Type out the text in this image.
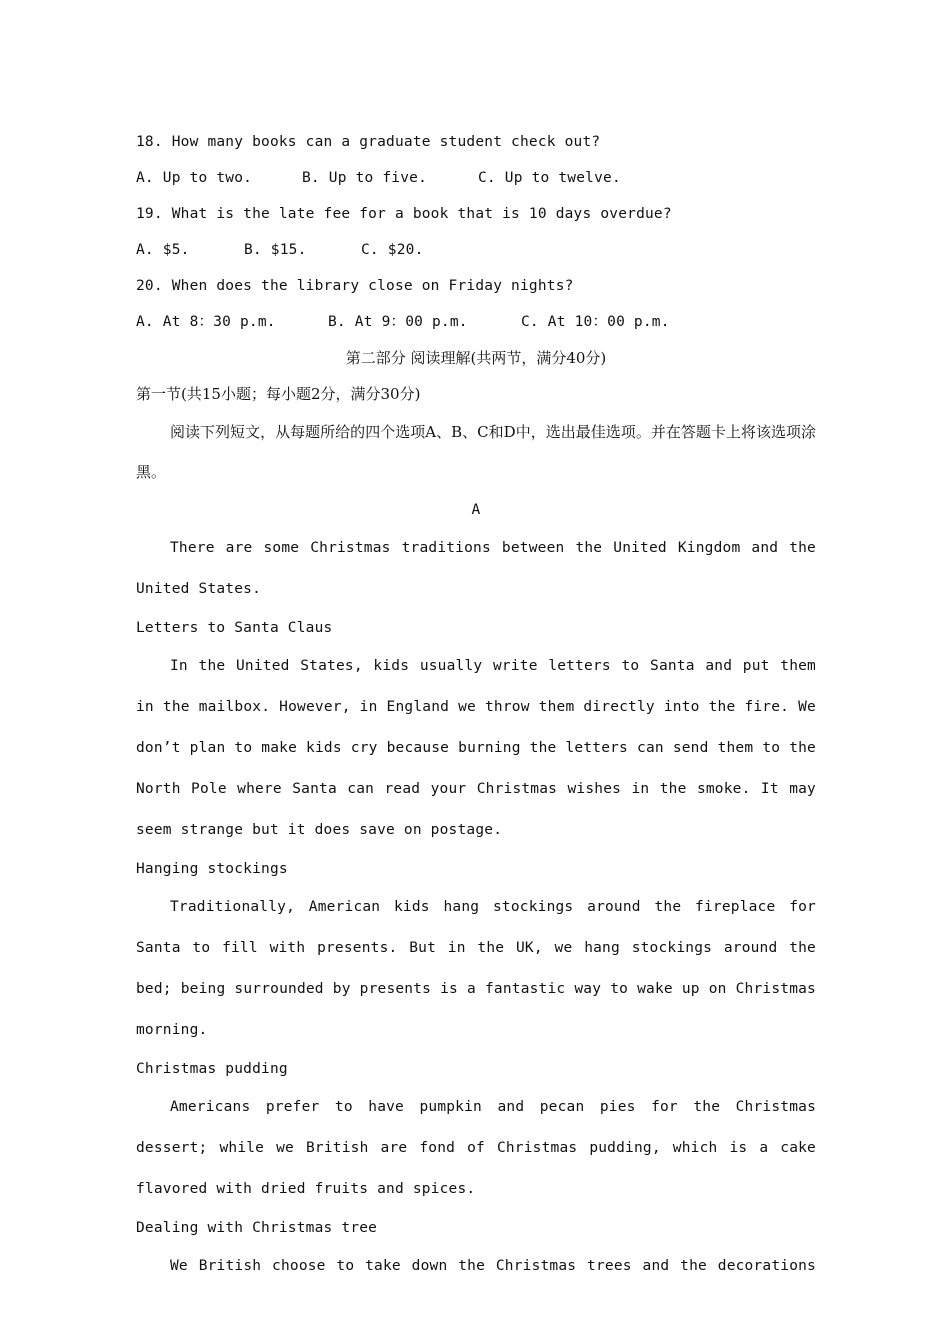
18. How many books can a graduate student check out?
A. Up to two.	B. Up to five.	C. Up to twelve.
19. What is the late fee for a book that is 10 days overdue?
A. $5.	B. $15.	C. $20.
20. When does the library close on Friday nights?
A. At 8：30 p.m.	B. At 9：00 p.m.	C. At 10：00 p.m.
第二部分 阅读理解(共两节，满分40分)
第一节(共15小题；每小题2分，满分30分)
阅读下列短文，从每题所给的四个选项A、B、C和D中，选出最佳选项。并在答题卡上将该选项涂黑。
A
There are some Christmas traditions between the United Kingdom and the United States.
Letters to Santa Claus
In the United States, kids usually write letters to Santa and put them in the mailbox. However, in England we throw them directly into the fire. We don’t plan to make kids cry because burning the letters can send them to the North Pole where Santa can read your Christmas wishes in the smoke. It may seem strange but it does save on postage.
Hanging stockings
Traditionally, American kids hang stockings around the fireplace for Santa to fill with presents. But in the UK, we hang stockings around the bed; being surrounded by presents is a fantastic way to wake up on Christmas morning.
Christmas pudding
Americans prefer to have pumpkin and pecan pies for the Christmas dessert; while we British are fond of Christmas pudding, which is a cake flavored with dried fruits and spices.
Dealing with Christmas tree
We British choose to take down the Christmas trees and the decorations
